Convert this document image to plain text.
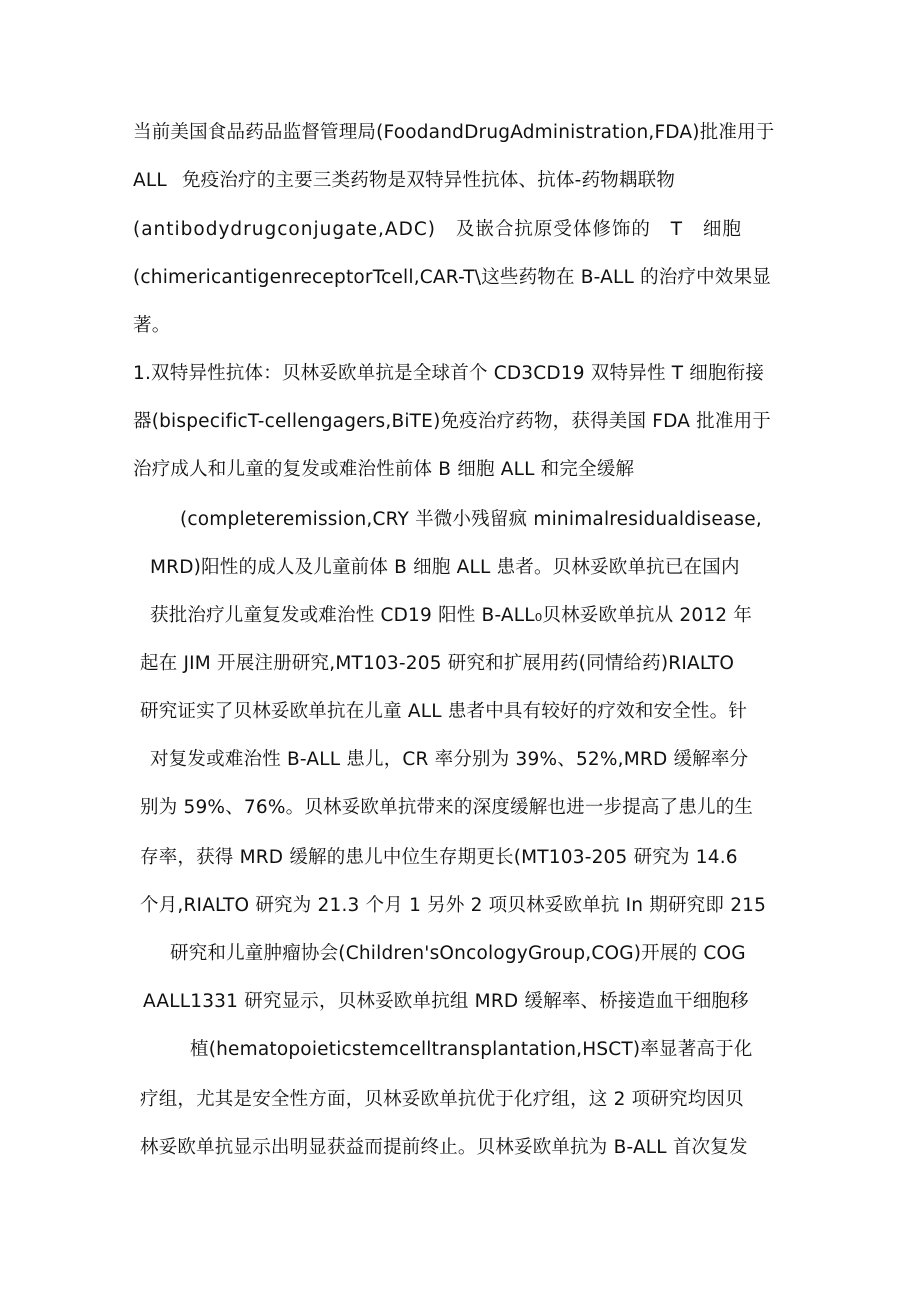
当前美国食品药品监督管理局(FoodandDrugAdministration,FDA)批准用于
ALL 免疫治疗的主要三类药物是双特异性抗体、抗体-药物耦联物
(antibodydrugconjugate,ADC) 及嵌合抗原受体修饰的 T 细胞
(chimericantigenreceptorTcell,CAR-T\这些药物在 B-ALL 的治疗中效果显
著。
1.双特异性抗体：贝林妥欧单抗是全球首个 CD3CD19 双特异性 T 细胞衔接
器(bispecificT-cellengagers,BiTE)免疫治疗药物，获得美国 FDA 批准用于
治疗成人和儿童的复发或难治性前体 B 细胞 ALL 和完全缓解
(completeremission,CRY 半微小残留疯 minimalresidualdisease,
MRD)阳性的成人及儿童前体 B 细胞 ALL 患者。贝林妥欧单抗已在国内
获批治疗儿童复发或难治性 CD19 阳性 B-ALL₀贝林妥欧单抗从 2012 年
起在 JIM 开展注册研究,MT103-205 研究和扩展用药(同情给药)RIALTO
研究证实了贝林妥欧单抗在儿童 ALL 患者中具有较好的疗效和安全性。针
对复发或难治性 B-ALL 患儿，CR 率分别为 39%、52%,MRD 缓解率分
别为 59%、76%。贝林妥欧单抗带来的深度缓解也进一步提高了患儿的生
存率，获得 MRD 缓解的患儿中位生存期更长(MT103-205 研究为 14.6
个月,RIALTO 研究为 21.3 个月 1 另外 2 项贝林妥欧单抗 In 期研究即 215
研究和儿童肿瘤协会(Children'sOncologyGroup,COG)开展的 COG
AALL1331 研究显示，贝林妥欧单抗组 MRD 缓解率、桥接造血干细胞移
植(hematopoieticstemcelltransplantation,HSCT)率显著高于化
疗组，尤其是安全性方面，贝林妥欧单抗优于化疗组，这 2 项研究均因贝
林妥欧单抗显示出明显获益而提前终止。贝林妥欧单抗为 B-ALL 首次复发
